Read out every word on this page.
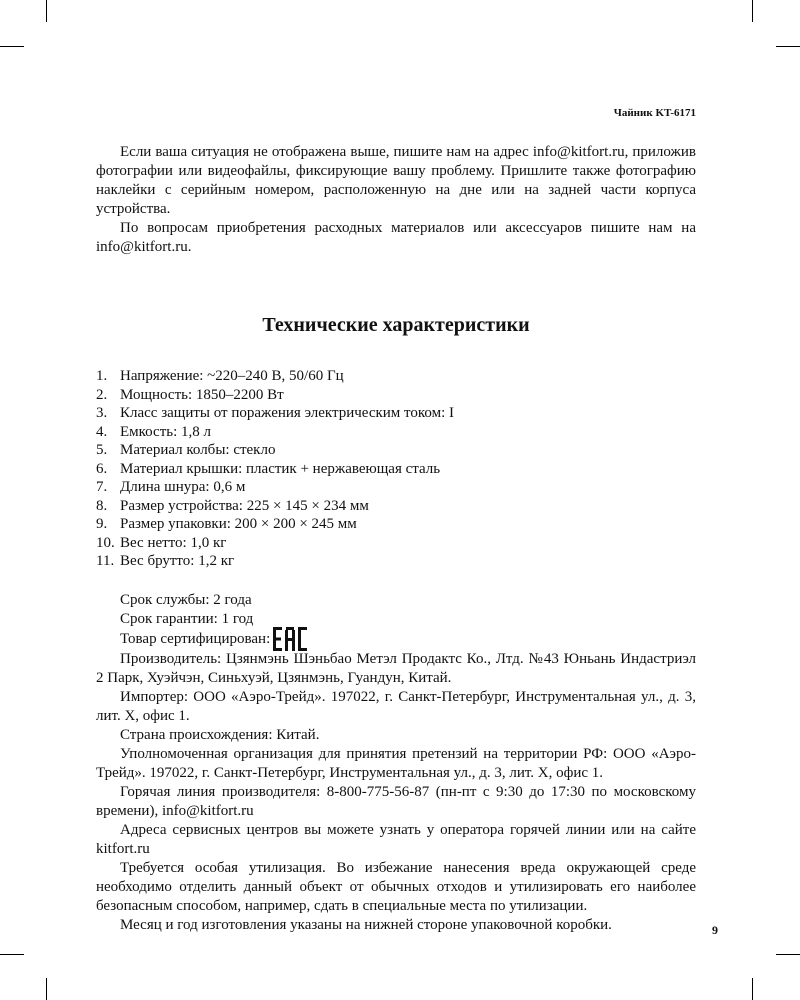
Чайник KT-6171

Если ваша ситуация не отображена выше, пишите нам на адрес info@kitfort.ru, приложив фотографии или видеофайлы, фиксирующие вашу проблему. Пришлите также фотографию наклейки с серийным номером, расположенную на дне или на задней части корпуса устройства.

По вопросам приобретения расходных материалов или аксессуаров пишите нам на info@kitfort.ru.

Технические характеристики
1. Напряжение: ~220–240 В, 50/60 Гц
2. Мощность: 1850–2200 Вт
3. Класс защиты от поражения электрическим током: I
4. Емкость: 1,8 л
5. Материал колбы: стекло
6. Материал крышки: пластик + нержавеющая сталь
7. Длина шнура: 0,6 м
8. Размер устройства: 225 × 145 × 234 мм
9. Размер упаковки: 200 × 200 × 245 мм
10. Вес нетто: 1,0 кг
11. Вес брутто: 1,2 кг

Срок службы: 2 года

Срок гарантии: 1 год

Товар сертифицирован:

Производитель: Цзянмэнь Шэньбао Метэл Продактс Ко., Лтд. №43 Юньань Индастриэл 2 Парк, Хуэйчэн, Синьхуэй, Цзянмэнь, Гуандун, Китай.

Импортер: ООО «Аэро-Трейд». 197022, г. Санкт-Петербург, Инструментальная ул., д. 3, лит. Х, офис 1.

Страна происхождения: Китай.

Уполномоченная организация для принятия претензий на территории РФ: ООО «Аэро-Трейд». 197022, г. Санкт-Петербург, Инструментальная ул., д. 3, лит. Х, офис 1.

Горячая линия производителя: 8-800-775-56-87 (пн-пт с 9:30 до 17:30 по московскому времени), info@kitfort.ru

Адреса сервисных центров вы можете узнать у оператора горячей линии или на сайте kitfort.ru

Требуется особая утилизация. Во избежание нанесения вреда окружающей среде необходимо отделить данный объект от обычных отходов и утилизировать его наиболее безопасным способом, например, сдать в специальные места по утилизации.

Месяц и год изготовления указаны на нижней стороне упаковочной коробки.	9
